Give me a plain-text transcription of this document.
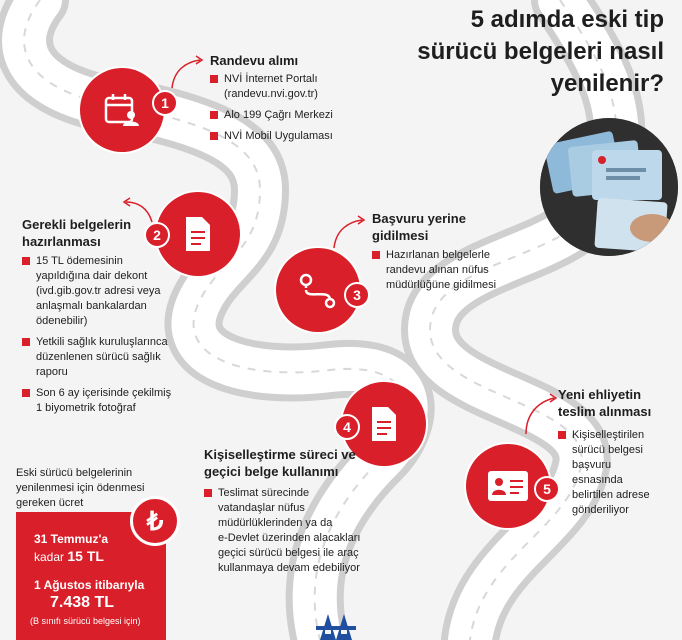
5 adımda eski tip
sürücü belgeleri nasıl
yenilenir?
1
Randevu alımı
NVİ İnternet Portalı
(randevu.nvi.gov.tr)
Alo 199 Çağrı Merkezi
NVİ Mobil Uygulaması
2
Gerekli belgelerin
hazırlanması
15 TL ödemesinin
yapıldığına dair dekont
(ivd.gib.gov.tr adresi veya
anlaşmalı bankalardan
ödenebilir)
Yetkili sağlık kuruluşlarınca
düzenlenen sürücü sağlık
raporu
Son 6 ay içerisinde çekilmiş
1 biyometrik fotoğraf
3
Başvuru yerine
gidilmesi
Hazırlanan belgelerle
randevu alınan nüfus
müdürlüğüne gidilmesi
4
Kişiselleştirme süreci ve
geçici belge kullanımı
Teslimat sürecinde
vatandaşlar nüfus
müdürlüklerinden ya da
e-Devlet üzerinden alacakları
geçici sürücü belgesi ile araç
kullanmaya devam edebiliyor
5
Yeni ehliyetin
teslim alınması
Kişiselleştirilen
sürücü belgesi
başvuru
esnasında
belirtilen adrese
gönderiliyor
Eski sürücü belgelerinin
yenilenmesi için ödenmesi
gereken ücret
31 Temmuz'a
kadar 15 TL
1 Ağustos itibarıyla
7.438 TL
(B sınıfı sürücü belgesi için)
₺
